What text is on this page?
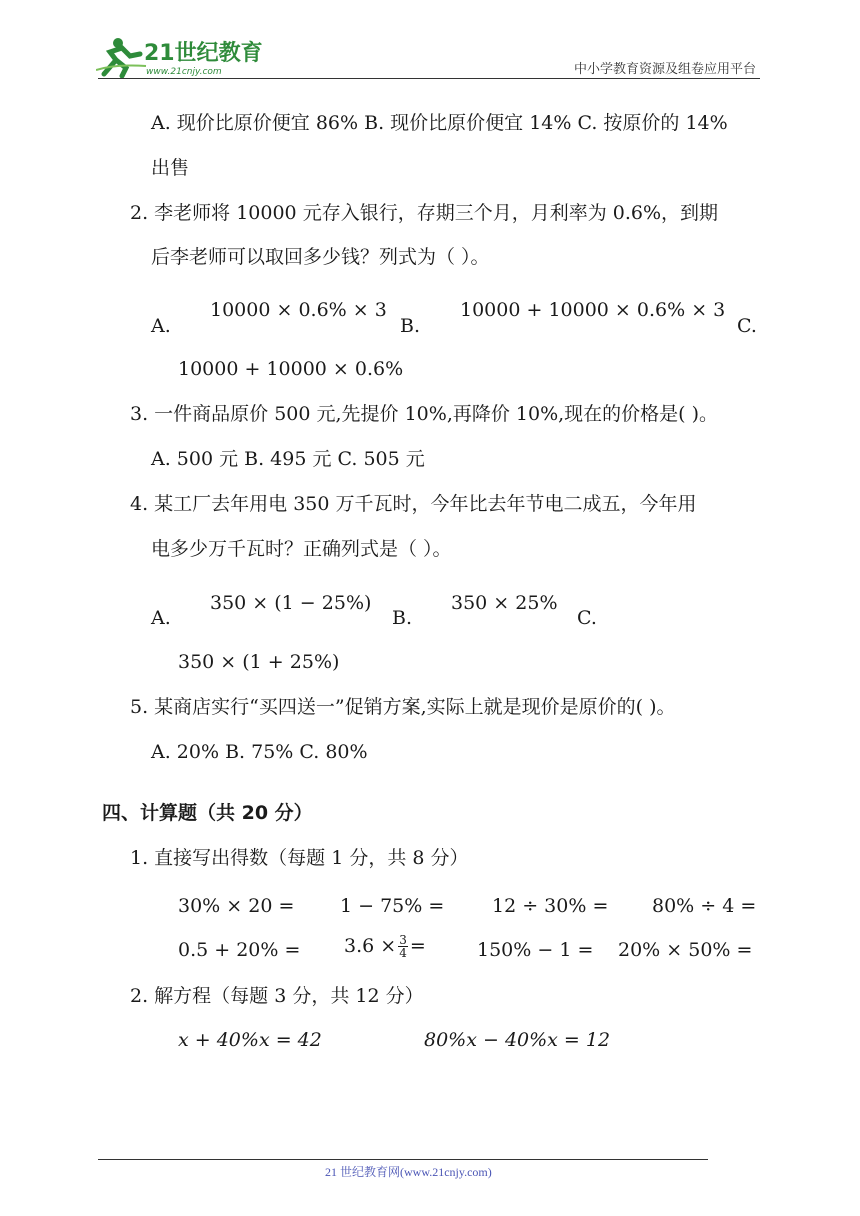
21世纪教育
www.21cnjy.com	中小学教育资源及组卷应用平台
A. 现价比原价便宜 86% B. 现价比原价便宜 14% C. 按原价的 14%
出售
2. 李老师将 10000 元存入银行，存期三个月，月利率为 0.6%，到期
后李老师可以取回多少钱？列式为（ ）。
A.
10000 × 0.6% × 3
B.
10000 + 10000 × 0.6% × 3
C.
10000 + 10000 × 0.6%
3. 一件商品原价 500 元,先提价 10%,再降价 10%,现在的价格是( )。
A. 500 元 B. 495 元 C. 505 元
4. 某工厂去年用电 350 万千瓦时，今年比去年节电二成五，今年用
电多少万千瓦时？正确列式是（ ）。
A.
350 × (1 − 25%)
B.
350 × 25%
C.
350 × (1 + 25%)
5. 某商店实行“买四送一”促销方案,实际上就是现价是原价的( )。
A. 20% B. 75% C. 80%
四、计算题（共 20 分）
1. 直接写出得数（每题 1 分，共 8 分）
30% × 20 = 1 − 75% =	12 ÷ 30% = 80% ÷ 4 =
$0.5 + 20\% = 3.6 \times \frac{3}{4}$ =	150% − 1 = 20% × 50% =
2. 解方程（每题 3 分，共 12 分）
x + 40%x = 42	80%x − 40%x = 12
21 世纪教育网(www.21cnjy.com)
